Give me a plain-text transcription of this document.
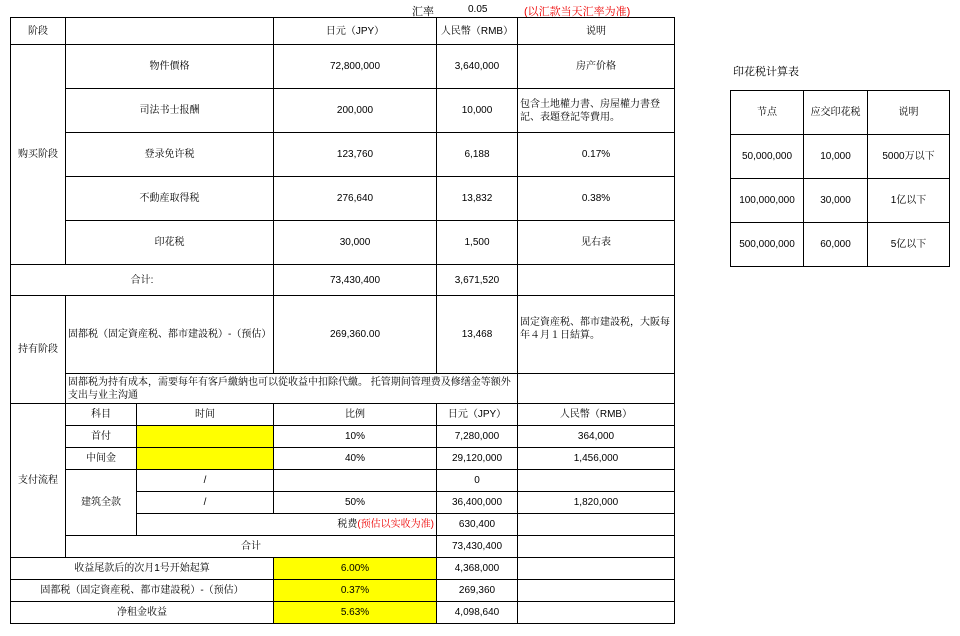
汇率	0.05	(以汇款当天汇率为准)
阶段			日元（JPY）	人民幣（RMB）	说明
购买阶段	物件價格		72,800,000	3,640,000	房产价格
	司法书士报酬		200,000	10,000	包含土地權力書、房屋權力書登記、表題登記等費用。
	登录免许税		123,760	6,188	0.17%
	不動産取得税		276,640	13,832	0.38%
	印花税		30,000	1,500	见右表
合计:			73,430,400	3,671,520	
持有阶段	固都税（固定資産税、都市建設税）-（预估）		269,360.00	13,468	固定資産税、都市建設税，大阪每年４月１日結算。
	固都税为持有成本，需要每年有客戶繳納也可以從收益中扣除代繳。 托管期间管理费及修缮金等额外支出与业主沟通				
支付流程	科目	时间	比例	日元（JPY）	人民幣（RMB）
	首付		10%	7,280,000	364,000
	中间金		40%	29,120,000	1,456,000
	建筑全款	/		0	
		/	50%	36,400,000	1,820,000
		税费(预估以实收为准)		630,400	
	合计			73,430,400	
收益尾款后的次月1号开始起算			6.00%	4,368,000	
固都税（固定資産税、都市建設税）-（预估）			0.37%	269,360	
净租金收益			5.63%	4,098,640	
印花税计算表
节点	应交印花税	说明
50,000,000	10,000	5000万以下
100,000,000	30,000	1亿以下
500,000,000	60,000	5亿以下
